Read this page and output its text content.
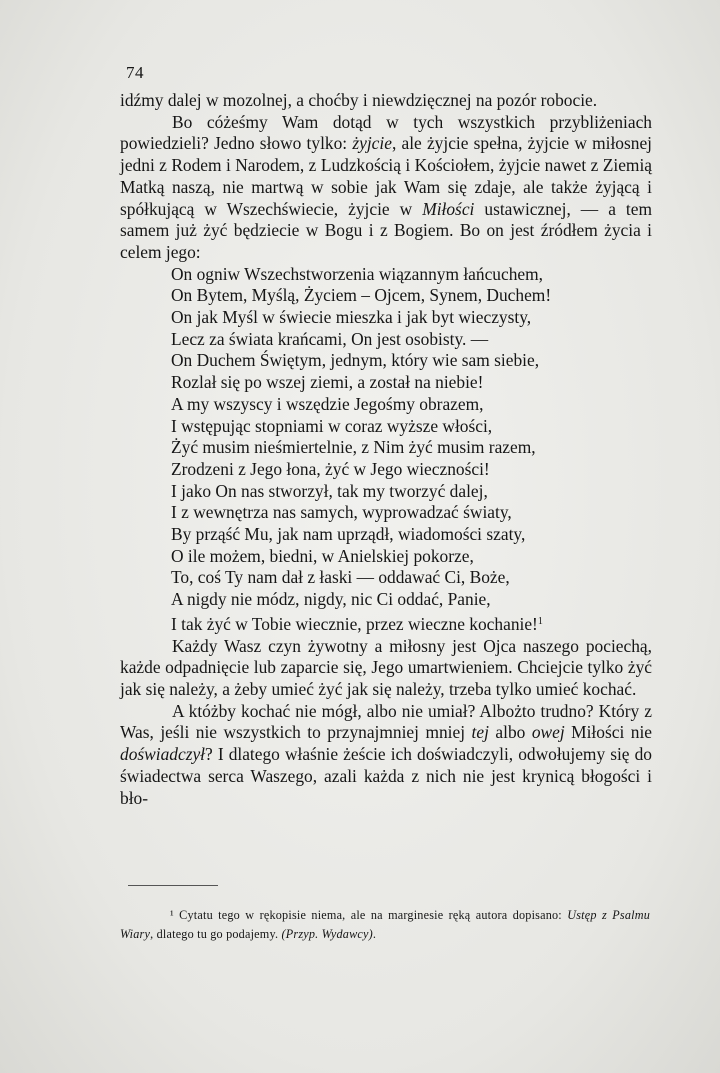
74

idźmy dalej w mozolnej, a choćby i niewdzięcznej na pozór robocie.

Bo cóżeśmy Wam dotąd w tych wszystkich przybliżeniach powiedzieli? Jedno słowo tylko: żyjcie, ale żyjcie spełna, żyjcie w miłosnej jedni z Rodem i Narodem, z Ludzkością i Kościołem, żyjcie nawet z Ziemią Matką naszą, nie martwą w sobie jak Wam się zdaje, ale także żyjącą i spółkującą w Wszechświecie, żyjcie w Miłości ustawicznej, — a tem samem już żyć będziecie w Bogu i z Bogiem. Bo on jest źródłem życia i celem jego:

On ogniw Wszechstworzenia wiązannym łańcuchem,
On Bytem, Myślą, Życiem – Ojcem, Synem, Duchem!
On jak Myśl w świecie mieszka i jak byt wieczysty,
Lecz za świata krańcami, On jest osobisty. —
On Duchem Świętym, jednym, który wie sam siebie,
Rozlał się po wszej ziemi, a został na niebie!
A my wszyscy i wszędzie Jegośmy obrazem,
I wstępując stopniami w coraz wyższe włości,
Żyć musim nieśmiertelnie, z Nim żyć musim razem,
Zrodzeni z Jego łona, żyć w Jego wieczności!
I jako On nas stworzył, tak my tworzyć dalej,
I z wewnętrza nas samych, wyprowadzać światy,
By prząść Mu, jak nam uprządł, wiadomości szaty,
O ile możem, biedni, w Anielskiej pokorze,
To, coś Ty nam dał z łaski — oddawać Ci, Boże,
A nigdy nie módz, nigdy, nic Ci oddać, Panie,
I tak żyć w Tobie wiecznie, przez wieczne kochanie!$^1$

Każdy Wasz czyn żywotny a miłosny jest Ojca naszego pociechą, każde odpadnięcie lub zaparcie się, Jego umartwieniem. Chciejcie tylko żyć jak się należy, a żeby umieć żyć jak się należy, trzeba tylko umieć kochać.

A któżby kochać nie mógł, albo nie umiał? Albożto trudno? Który z Was, jeśli nie wszystkich to przynajmniej mniej tej albo owej Miłości nie doświadczył? I dlatego właśnie żeście ich doświadczyli, odwołujemy się do świadectwa serca Waszego, azali każda z nich nie jest krynicą błogości i bło-

¹ Cytatu tego w rękopisie niema, ale na marginesie ręką autora dopisano: Ustęp z Psalmu Wiary, dlatego tu go podajemy. (Przyp. Wydawcy).
